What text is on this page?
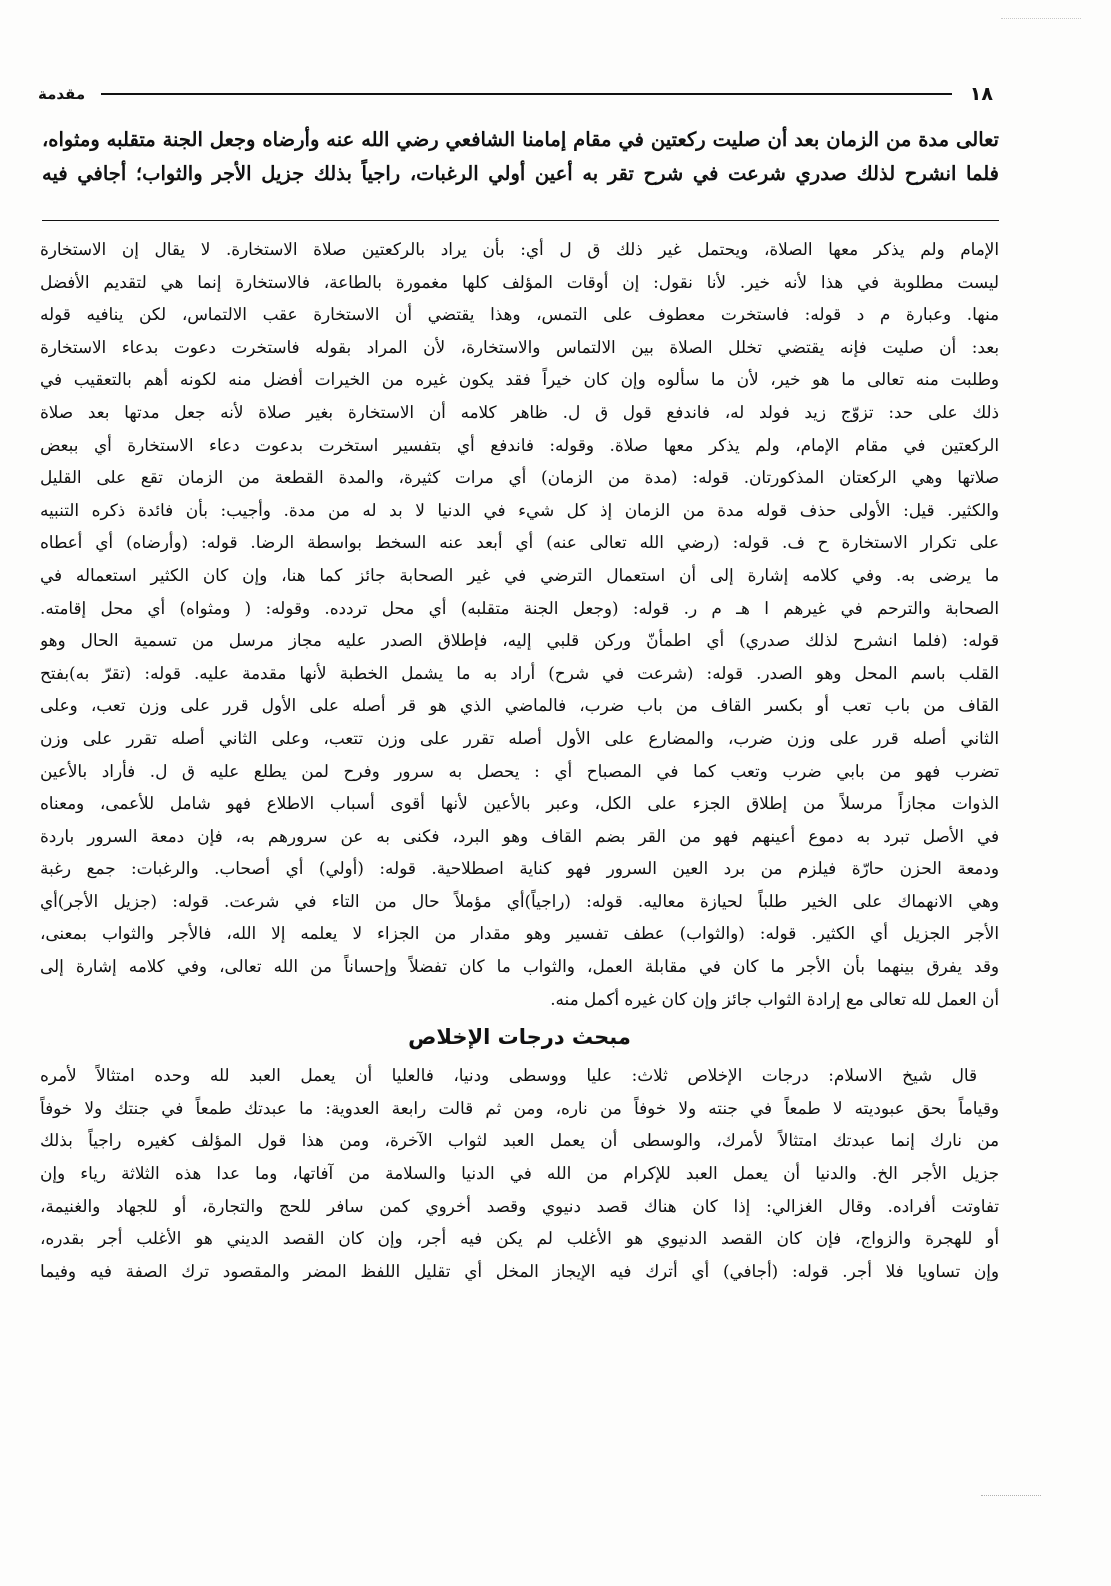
١٨
مقدمة

تعالى مدة من الزمان بعد أن صليت ركعتين في مقام إمامنا الشافعي رضي الله عنه وأرضاه وجعل الجنة متقلبه ومثواه،

فلما انشرح لذلك صدري شرعت في شرح تقر به أعين أولي الرغبات، راجياً بذلك جزيل الأجر والثواب؛ أجافي فيه

الإمام ولم يذكر معها الصلاة، ويحتمل غير ذلك ق ل أي: بأن يراد بالركعتين صلاة الاستخارة. لا يقال إن الاستخارة
ليست مطلوبة في هذا لأنه خير. لأنا نقول: إن أوقات المؤلف كلها مغمورة بالطاعة، فالاستخارة إنما هي لتقديم الأفضل
منها. وعبارة م د قوله: فاستخرت معطوف على التمس، وهذا يقتضي أن الاستخارة عقب الالتماس، لكن ينافيه قوله
بعد: أن صليت فإنه يقتضي تخلل الصلاة بين الالتماس والاستخارة، لأن المراد بقوله فاستخرت دعوت بدعاء الاستخارة
وطلبت منه تعالى ما هو خير، لأن ما سألوه وإن كان خيراً فقد يكون غيره من الخيرات أفضل منه لكونه أهم بالتعقيب في
ذلك على حد: تزوّج زيد فولد له، فاندفع قول ق ل. ظاهر كلامه أن الاستخارة بغير صلاة لأنه جعل مدتها بعد صلاة
الركعتين في مقام الإمام، ولم يذكر معها صلاة. وقوله: فاندفع أي بتفسير استخرت بدعوت دعاء الاستخارة أي ببعض
صلاتها وهي الركعتان المذكورتان. قوله: (مدة من الزمان) أي مرات كثيرة، والمدة القطعة من الزمان تقع على القليل
والكثير. قيل: الأولى حذف قوله مدة من الزمان إذ كل شيء في الدنيا لا بد له من مدة. وأجيب: بأن فائدة ذكره التنبيه
على تكرار الاستخارة ح ف. قوله: (رضي الله تعالى عنه) أي أبعد عنه السخط بواسطة الرضا. قوله: (وأرضاه) أي أعطاه
ما يرضى به. وفي كلامه إشارة إلى أن استعمال الترضي في غير الصحابة جائز كما هنا، وإن كان الكثير استعماله في
الصحابة والترحم في غيرهم ا هـ م ر. قوله: (وجعل الجنة متقلبه) أي محل تردده. وقوله: ( ومثواه) أي محل إقامته.
قوله: (فلما انشرح لذلك صدري) أي اطمأنّ وركن قلبي إليه، فإطلاق الصدر عليه مجاز مرسل من تسمية الحال وهو
القلب باسم المحل وهو الصدر. قوله: (شرعت في شرح) أراد به ما يشمل الخطبة لأنها مقدمة عليه. قوله: (تقرّ به)بفتح
القاف من باب تعب أو بكسر القاف من باب ضرب، فالماضي الذي هو قر أصله على الأول قرر على وزن تعب، وعلى
الثاني أصله قرر على وزن ضرب، والمضارع على الأول أصله تقرر على وزن تتعب، وعلى الثاني أصله تقرر على وزن
تضرب فهو من بابي ضرب وتعب كما في المصباح أي : يحصل به سرور وفرح لمن يطلع عليه ق ل. فأراد بالأعين
الذوات مجازاً مرسلاً من إطلاق الجزء على الكل، وعبر بالأعين لأنها أقوى أسباب الاطلاع فهو شامل للأعمى، ومعناه
في الأصل تبرد به دموع أعينهم فهو من القر بضم القاف وهو البرد، فكنى به عن سرورهم به، فإن دمعة السرور باردة
ودمعة الحزن حارّة فيلزم من برد العين السرور فهو كناية اصطلاحية. قوله: (أولي) أي أصحاب. والرغبات: جمع رغبة
وهي الانهماك على الخير طلباً لحيازة معاليه. قوله: (راجياً)أي مؤملاً حال من التاء في شرعت. قوله: (جزيل الأجر)أي
الأجر الجزيل أي الكثير. قوله: (والثواب) عطف تفسير وهو مقدار من الجزاء لا يعلمه إلا الله، فالأجر والثواب بمعنى،
وقد يفرق بينهما بأن الأجر ما كان في مقابلة العمل، والثواب ما كان تفضلاً وإحساناً من الله تعالى، وفي كلامه إشارة إلى
أن العمل لله تعالى مع إرادة الثواب جائز وإن كان غيره أكمل منه.
مبحث درجات الإخلاص
قال شيخ الاسلام: درجات الإخلاص ثلاث: عليا ووسطى ودنيا، فالعليا أن يعمل العبد لله وحده امتثالاً لأمره
وقياماً بحق عبوديته لا طمعاً في جنته ولا خوفاً من ناره، ومن ثم قالت رابعة العدوية: ما عبدتك طمعاً في جنتك ولا خوفاً
من نارك إنما عبدتك امتثالاً لأمرك، والوسطى أن يعمل العبد لثواب الآخرة، ومن هذا قول المؤلف كغيره راجياً بذلك
جزيل الأجر الخ. والدنيا أن يعمل العبد للإكرام من الله في الدنيا والسلامة من آفاتها، وما عدا هذه الثلاثة رياء وإن
تفاوتت أفراده. وقال الغزالي: إذا كان هناك قصد دنيوي وقصد أخروي كمن سافر للحج والتجارة، أو للجهاد والغنيمة،
أو للهجرة والزواج، فإن كان القصد الدنيوي هو الأغلب لم يكن فيه أجر، وإن كان القصد الديني هو الأغلب أجر بقدره،
وإن تساويا فلا أجر. قوله: (أجافي) أي أترك فيه الإيجاز المخل أي تقليل اللفظ المضر والمقصود ترك الصفة فيه وفيما
